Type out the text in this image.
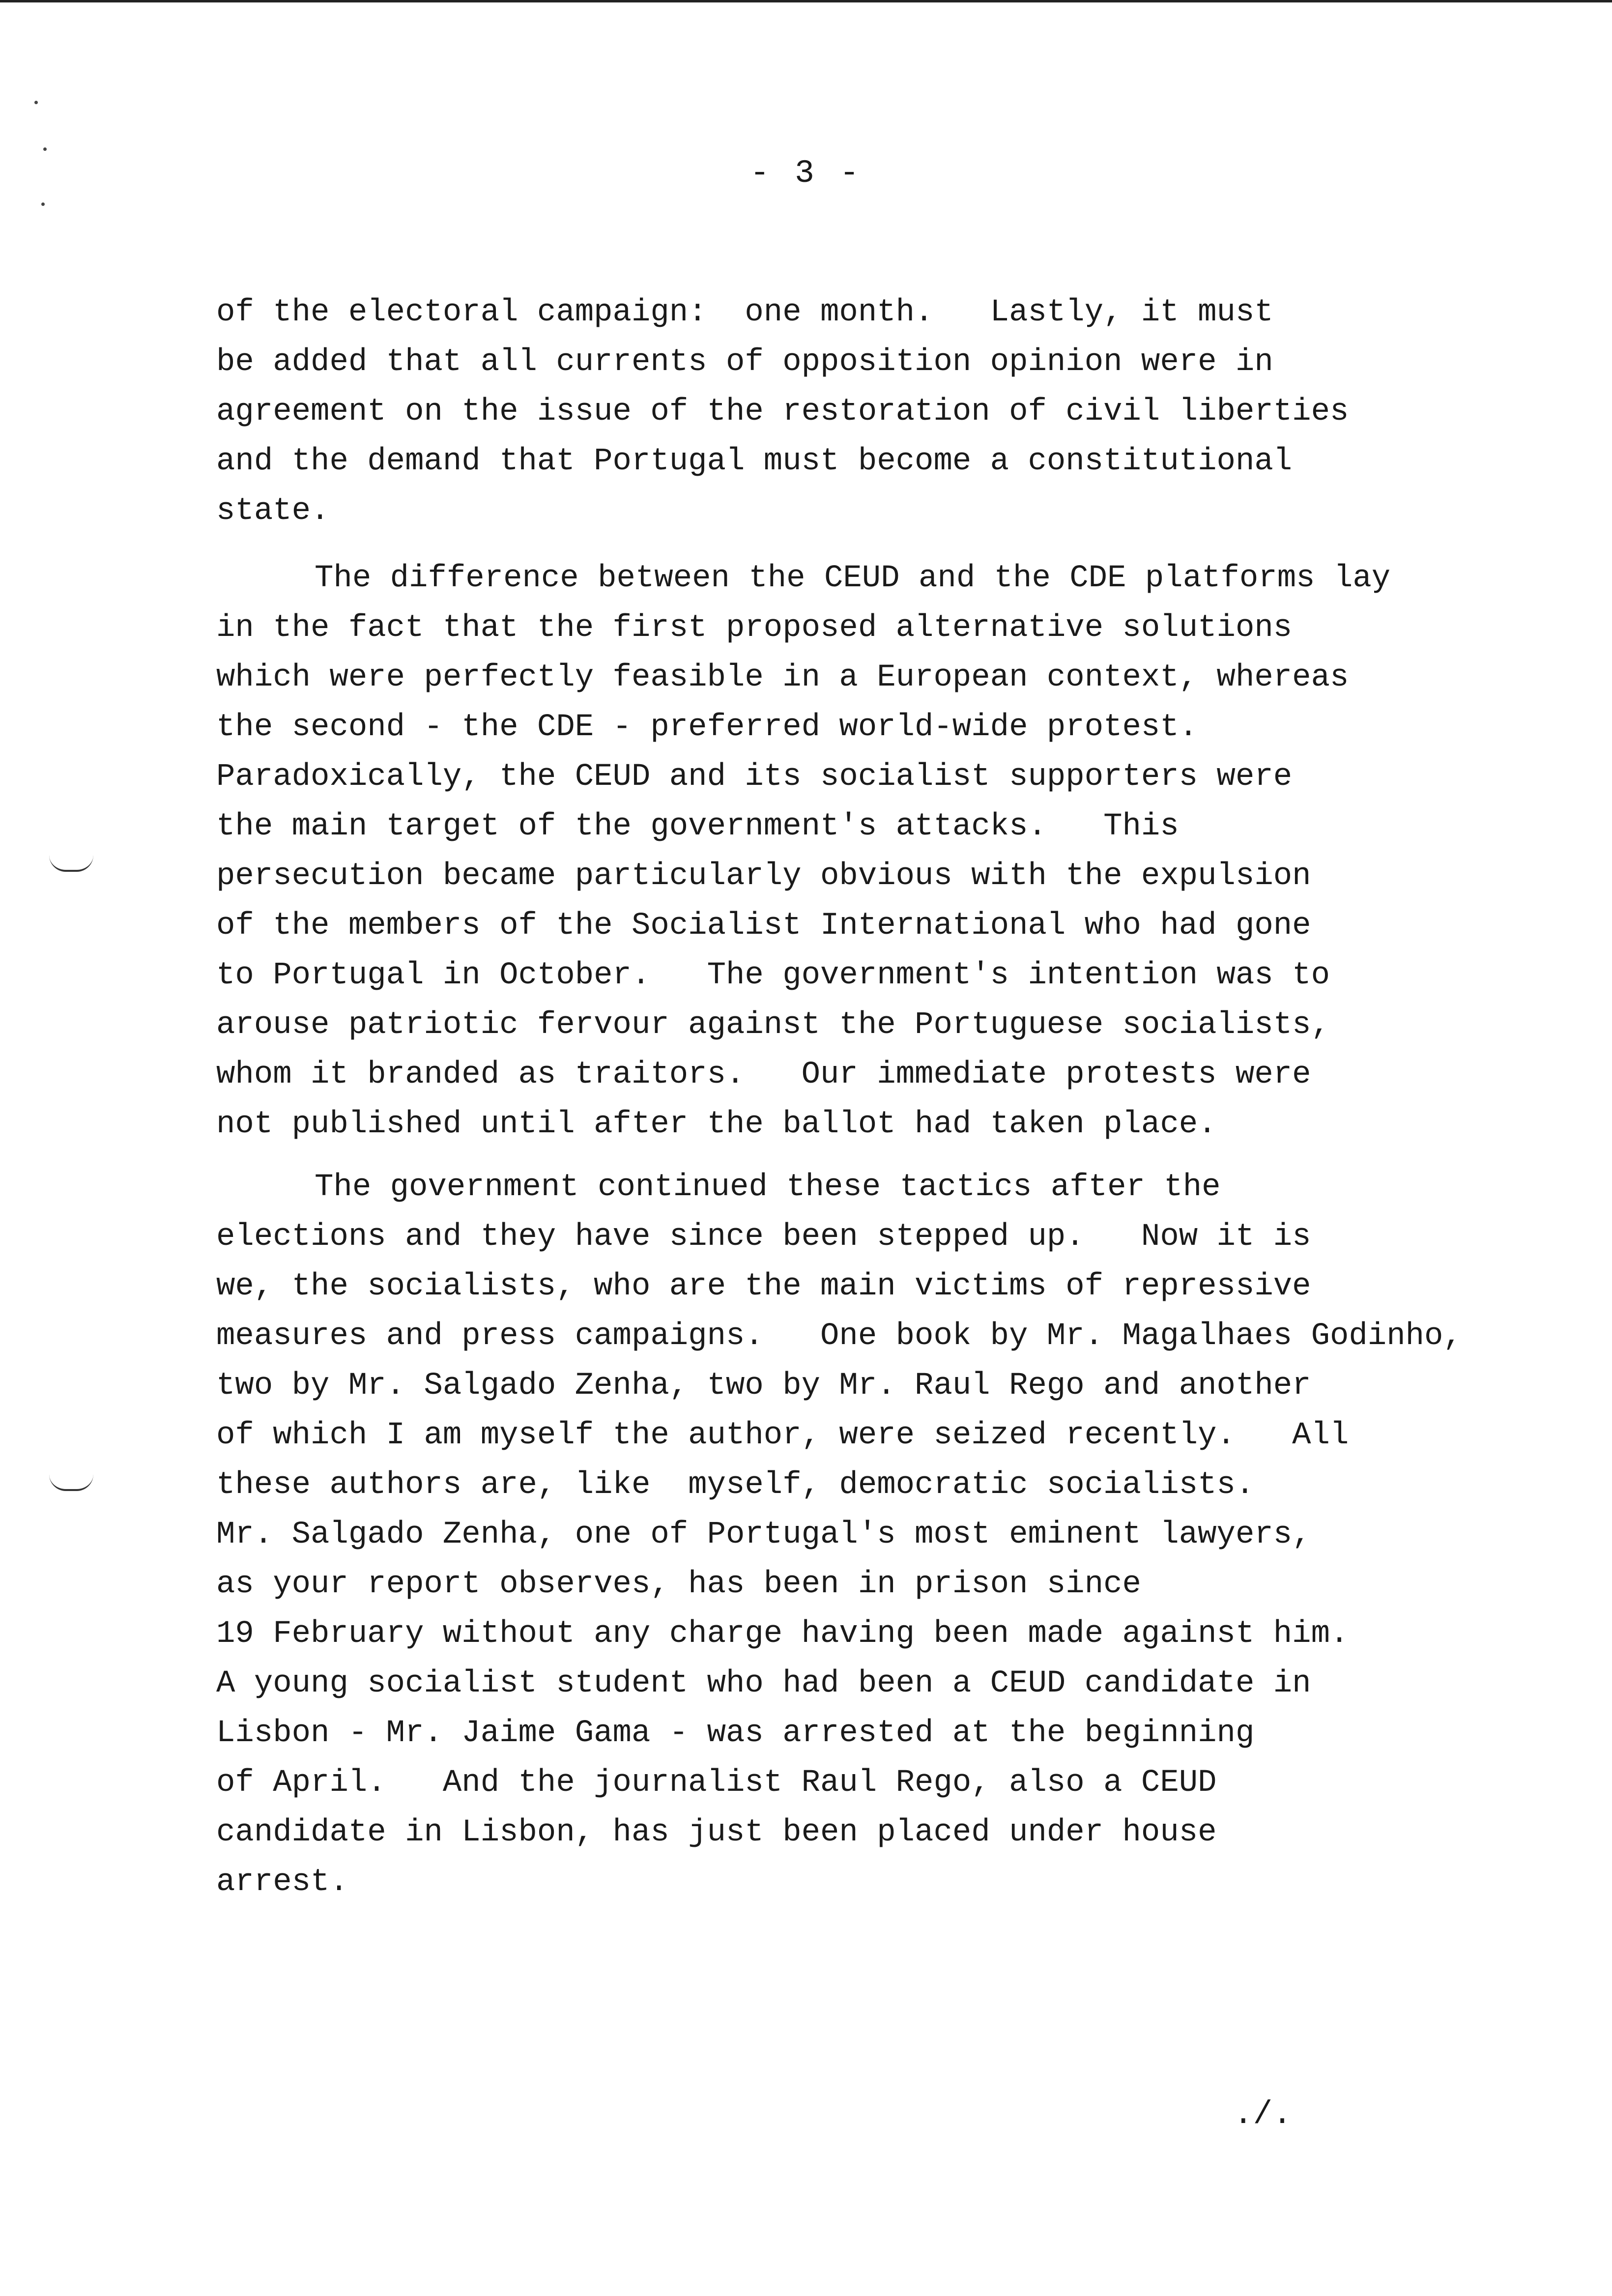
- 3 -
of the electoral campaign:  one month.   Lastly, it must
be added that all currents of opposition opinion were in
agreement on the issue of the restoration of civil liberties
and the demand that Portugal must become a constitutional
state.
The difference between the CEUD and the CDE platforms lay
in the fact that the first proposed alternative solutions
which were perfectly feasible in a European context, whereas
the second - the CDE - preferred world-wide protest.
Paradoxically, the CEUD and its socialist supporters were
the main target of the government's attacks.   This
persecution became particularly obvious with the expulsion
of the members of the Socialist International who had gone
to Portugal in October.   The government's intention was to
arouse patriotic fervour against the Portuguese socialists,
whom it branded as traitors.   Our immediate protests were
not published until after the ballot had taken place.
The government continued these tactics after the
elections and they have since been stepped up.   Now it is
we, the socialists, who are the main victims of repressive
measures and press campaigns.   One book by Mr. Magalhaes Godinho,
two by Mr. Salgado Zenha, two by Mr. Raul Rego and another
of which I am myself the author, were seized recently.   All
these authors are, like  myself, democratic socialists.
Mr. Salgado Zenha, one of Portugal's most eminent lawyers,
as your report observes, has been in prison since
19 February without any charge having been made against him.
A young socialist student who had been a CEUD candidate in
Lisbon - Mr. Jaime Gama - was arrested at the beginning
of April.   And the journalist Raul Rego, also a CEUD
candidate in Lisbon, has just been placed under house
arrest.
./.
